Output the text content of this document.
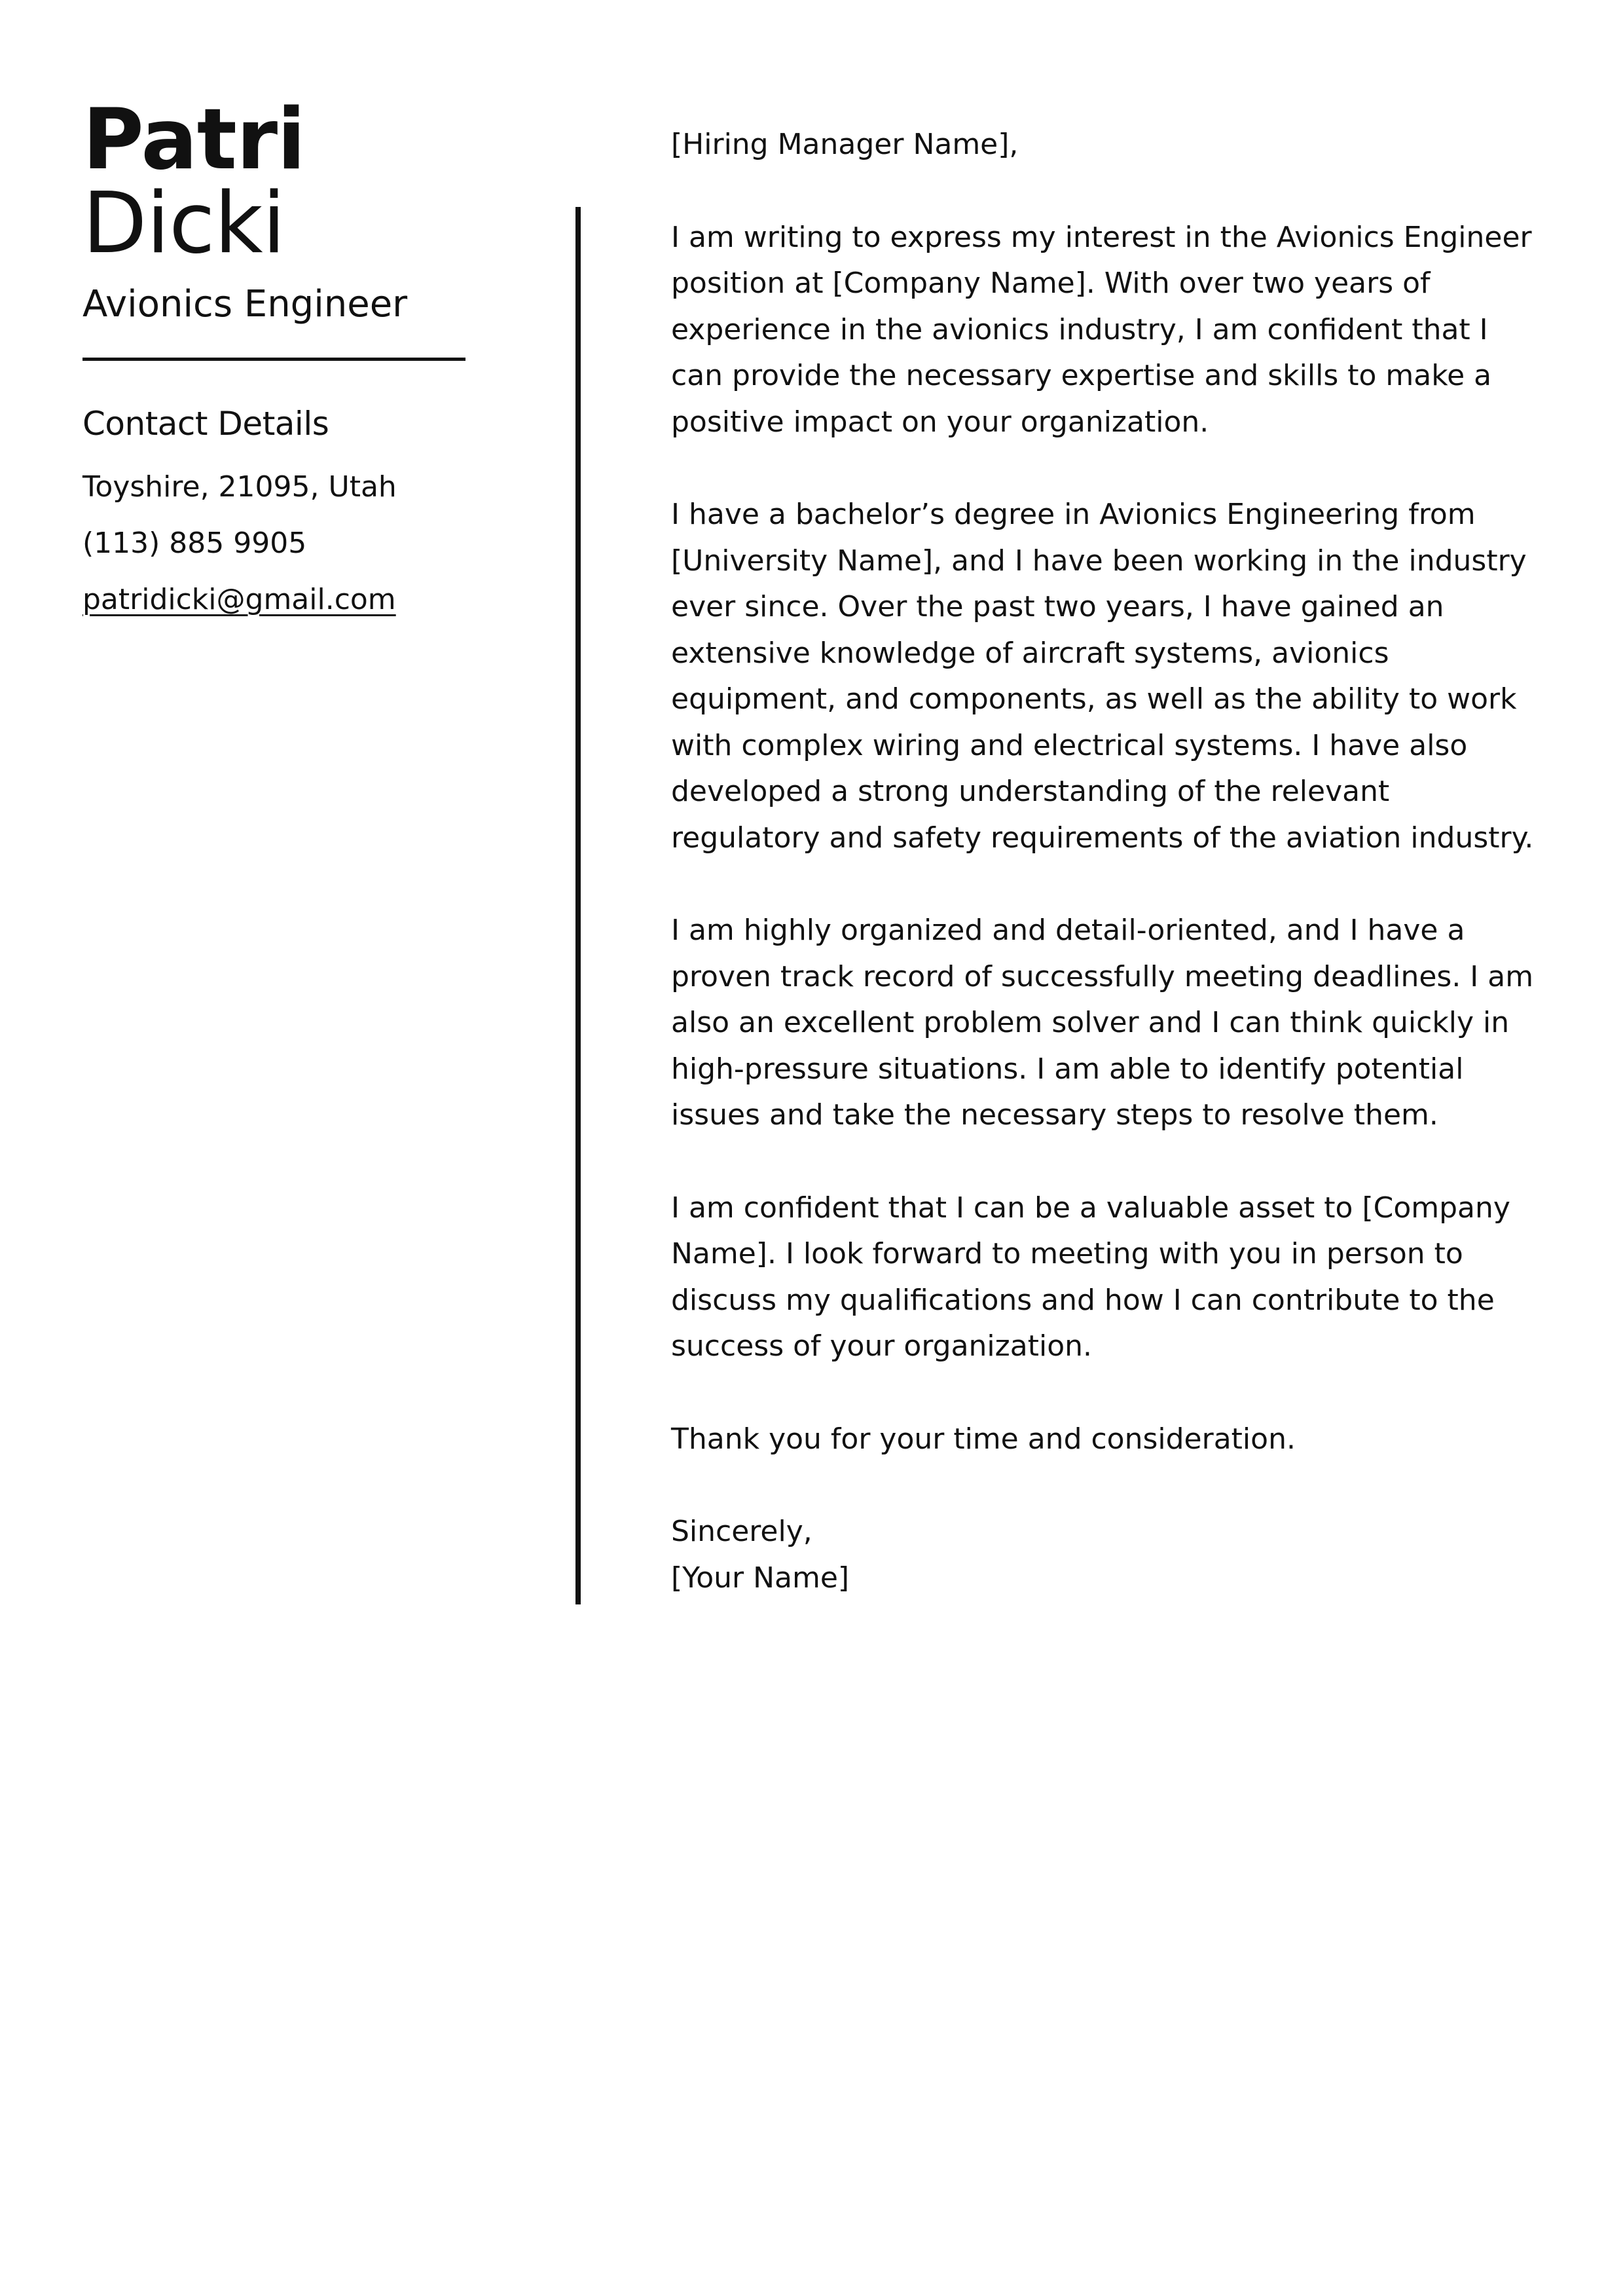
Patri
Dicki
Avionics Engineer
Contact Details
Toyshire, 21095, Utah
(113) 885 9905
patridicki@gmail.com

[Hiring Manager Name],

I am writing to express my interest in the Avionics Engineer position at [Company Name]. With over two years of experience in the avionics industry, I am confident that I can provide the necessary expertise and skills to make a positive impact on your organization.

I have a bachelor’s degree in Avionics Engineering from [University Name], and I have been working in the industry ever since. Over the past two years, I have gained an extensive knowledge of aircraft systems, avionics equipment, and components, as well as the ability to work with complex wiring and electrical systems. I have also developed a strong understanding of the relevant regulatory and safety requirements of the aviation industry.

I am highly organized and detail-oriented, and I have a proven track record of successfully meeting deadlines. I am also an excellent problem solver and I can think quickly in high-pressure situations. I am able to identify potential issues and take the necessary steps to resolve them.

I am confident that I can be a valuable asset to [Company Name]. I look forward to meeting with you in person to discuss my qualifications and how I can contribute to the success of your organization.

Thank you for your time and consideration.

Sincerely,
[Your Name]
